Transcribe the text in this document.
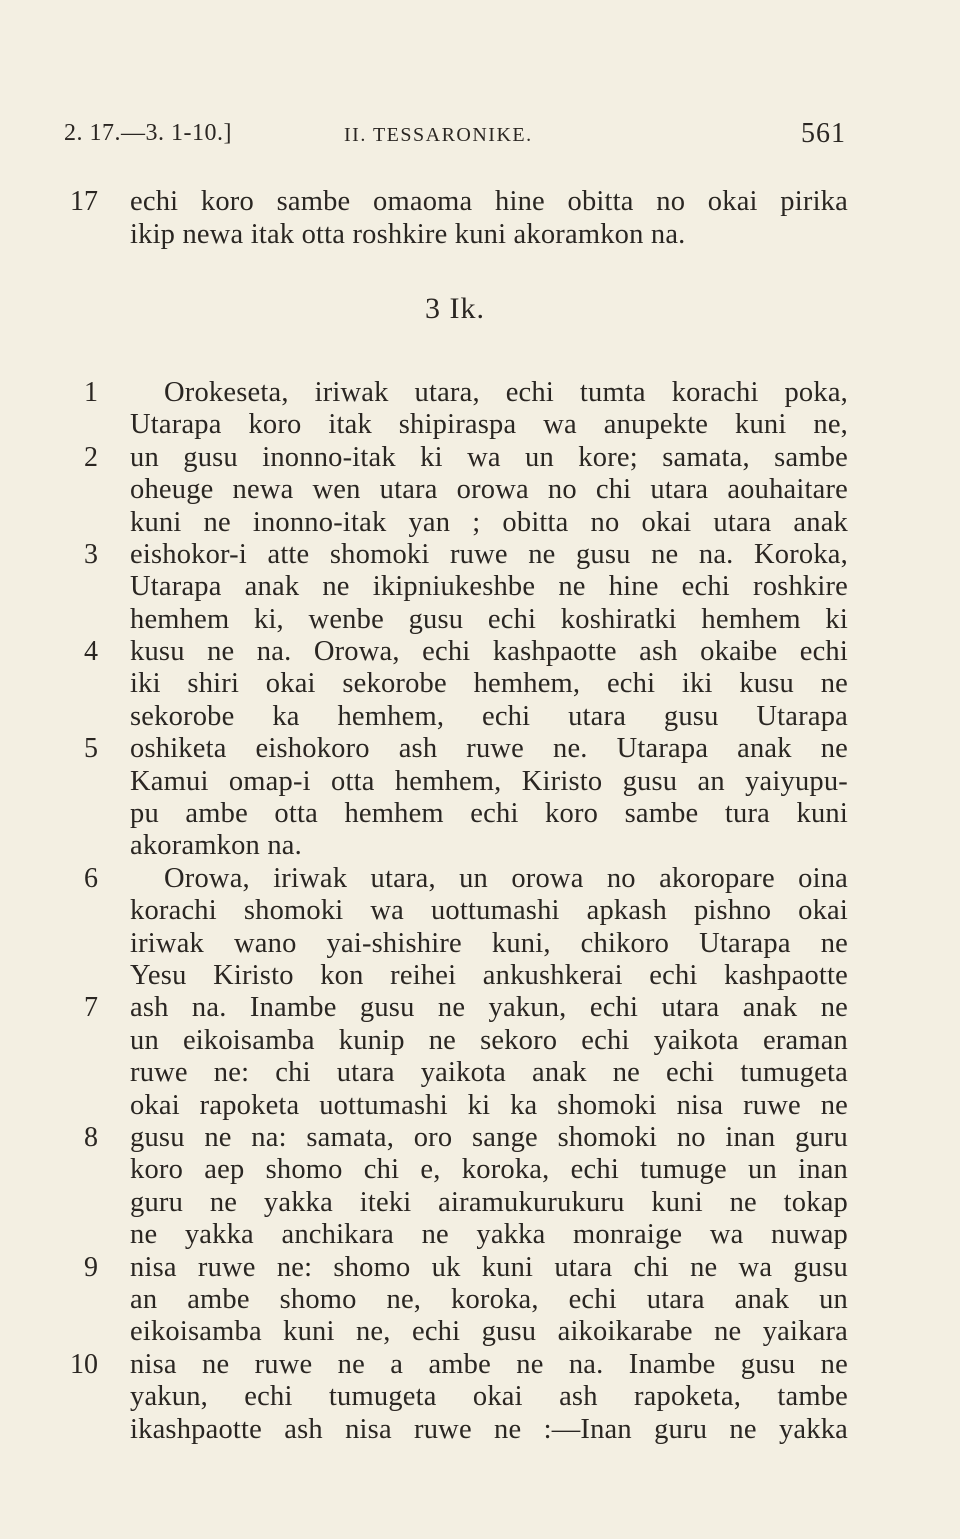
2. 17.—3. 1-10.]	II. TESSARONIKE.	561
17
1
2
3
4
5
6
7
8
9
10
echi koro sambe omaoma hine obitta no okai pirika
ikip newa itak otta roshkire kuni akoramkon na.
3 Ik.
Orokeseta, iriwak utara, echi tumta korachi poka,
Utarapa koro itak shipiraspa wa anupekte kuni ne,
un gusu inonno-itak ki wa un kore; samata, sambe
oheuge newa wen utara orowa no chi utara aouhaitare
kuni ne inonno-itak yan ; obitta no okai utara anak
eishokor-i atte shomoki ruwe ne gusu ne na. Koroka,
Utarapa anak ne ikipniukeshbe ne hine echi roshkire
hemhem ki, wenbe gusu echi koshiratki hemhem ki
kusu ne na. Orowa, echi kashpaotte ash okaibe echi
iki shiri okai sekorobe hemhem, echi iki kusu ne
sekorobe ka hemhem, echi utara gusu Utarapa
oshiketa eishokoro ash ruwe ne. Utarapa anak ne
Kamui omap-i otta hemhem, Kiristo gusu an yaiyupu-
pu ambe otta hemhem echi koro sambe tura kuni
akoramkon na.
Orowa, iriwak utara, un orowa no akoropare oina
korachi shomoki wa uottumashi apkash pishno okai
iriwak wano yai-shishire kuni, chikoro Utarapa ne
Yesu Kiristo kon reihei ankushkerai echi kashpaotte
ash na. Inambe gusu ne yakun, echi utara anak ne
un eikoisamba kunip ne sekoro echi yaikota eraman
ruwe ne: chi utara yaikota anak ne echi tumugeta
okai rapoketa uottumashi ki ka shomoki nisa ruwe ne
gusu ne na: samata, oro sange shomoki no inan guru
koro aep shomo chi e, koroka, echi tumuge un inan
guru ne yakka iteki airamukurukuru kuni ne tokap
ne yakka anchikara ne yakka monraige wa nuwap
nisa ruwe ne: shomo uk kuni utara chi ne wa gusu
an ambe shomo ne, koroka, echi utara anak un
eikoisamba kuni ne, echi gusu aikoikarabe ne yaikara
nisa ne ruwe ne a ambe ne na. Inambe gusu ne
yakun, echi tumugeta okai ash rapoketa, tambe
ikashpaotte ash nisa ruwe ne :—Inan guru ne yakka
